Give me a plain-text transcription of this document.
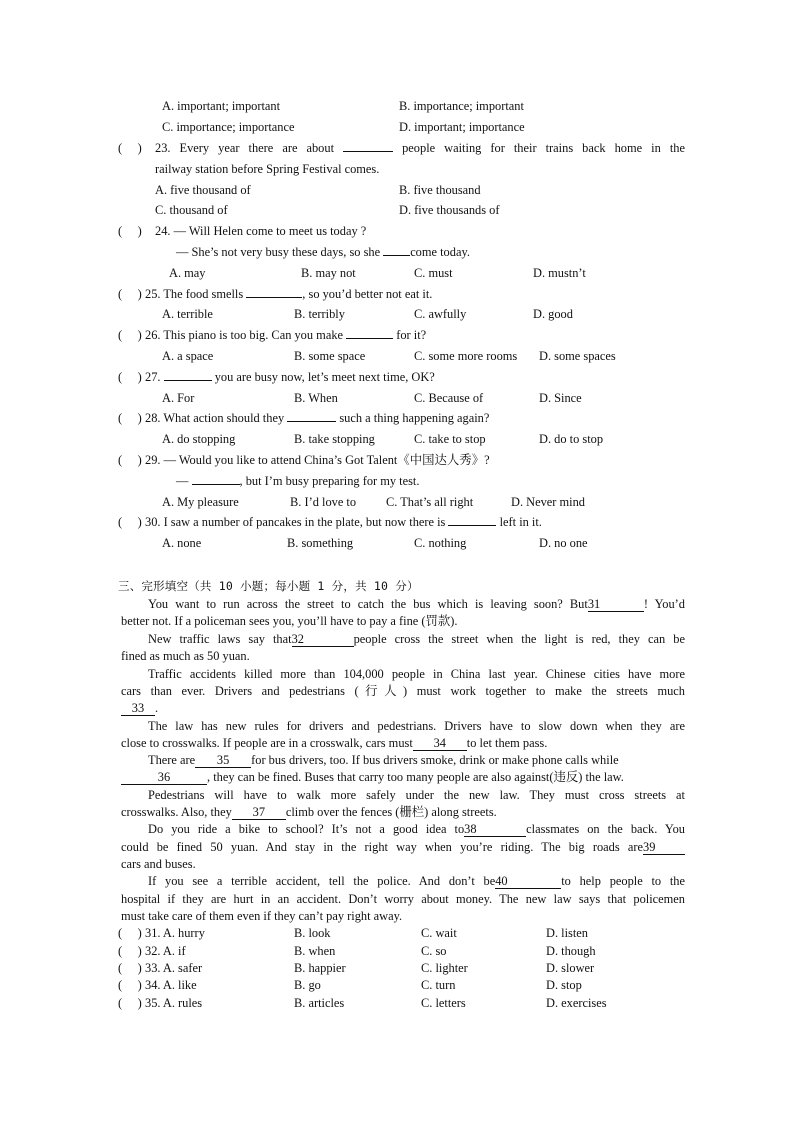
A. important; important	B. importance; important
C. importance; importance	D. important; importance
(     ) 23. Every year there are about	people waiting for their trains back home in the
railway station before Spring Festival comes.
A. five thousand of	B. five thousand
C. thousand of	D. five thousands of
(     ) 24. — Will Helen come to meet us today ?
— She’s not very busy these days, so she come today.
A. may	B. may not	C. must	D. mustn’t
(     ) 25. The food smells	, so you’d better not eat it.
A. terrible	B. terribly	C. awfully	D. good
(     ) 26. This piano is too big. Can you make	for it?
A. a space	B. some space	C. some more rooms D. some spaces
(     ) 27.	you are busy now, let’s meet next time, OK?
A. For	B. When	C. Because of	D. Since
(     ) 28. What action should they	such a thing happening again?
A. do stopping	B. take stopping	C. take to stop	D. do to stop
(     ) 29. — Would you like to attend China’s Got Talent《中国达人秀》?
—	, but I’m busy preparing for my test.
A. My pleasure	B. I’d love to C. That’s all right	D. Never mind
(     ) 30. I saw a number of pancakes in the plate, but now there is	left in it.
A. none	B. something	C. nothing	D. no one
三、完形填空（共 10 小题；每小题 1 分，共 10 分）
You want to run across the street to catch the bus which is leaving soon? But31	! You’d
better not. If a policeman sees you, you’ll have to pay a fine (罚款).
New traffic laws say that32	people cross the street when the light is red, they can be
fined as much as 50 yuan.
Traffic accidents killed more than 104,000 people in China last year. Chinese cities have more
cars than ever. Drivers and pedestrians (行人) must work together to make the streets much
33 .
The law has new rules for drivers and pedestrians. Drivers have to slow down when they are
close to crosswalks. If people are in a crosswalk, cars must 34 to let them pass.
There are 35 for bus drivers, too. If bus drivers smoke, drink or make phone calls while
36	, they can be fined. Buses that carry too many people are also against(违反) the law.
Pedestrians will have to walk more safely under the new law. They must cross streets at
crosswalks. Also, they 37 climb over the fences (栅栏) along streets.
Do you ride a bike to school? It’s not a good idea to38	classmates on the back. You
could be fined 50 yuan. And stay in the right way when you’re riding. The big roads are39
cars and buses.
If you see a terrible accident, tell the police. And don’t be40	to help people to the
hospital if they are hurt in an accident. Don’t worry about money. The new law says that policemen
must take care of them even if they can’t pay right away.
(     ) 31. A. hurry	B. look	C. wait	D. listen
(     ) 32. A. if	B. when	C. so	D. though
(     ) 33. A. safer	B. happier	C. lighter	D. slower
(     ) 34. A. like	B. go	C. turn	D. stop
(     ) 35. A. rules	B. articles	C. letters	D. exercises
